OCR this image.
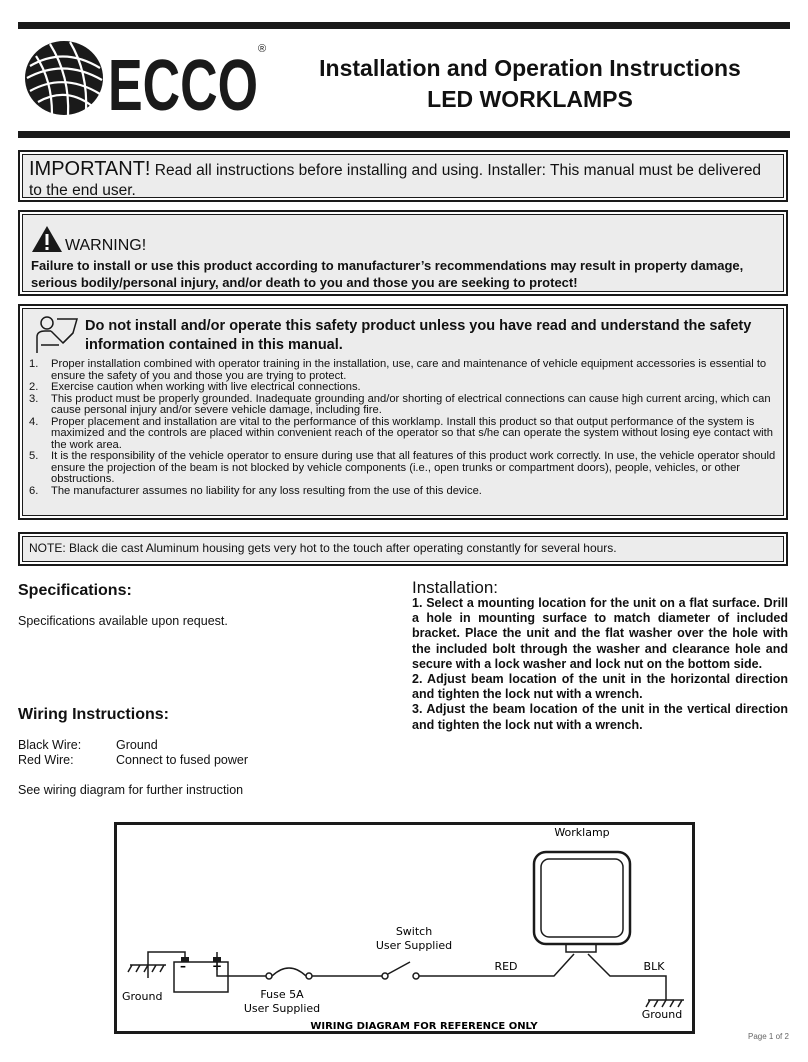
ECCO ®
Installation and Operation Instructions
LED WORKLAMPS
IMPORTANT! Read all instructions before installing and using. Installer: This manual must be delivered to the end user.
WARNING!
Failure to install or use this product according to manufacturer’s recommendations may result in property damage, serious bodily/personal injury, and/or death to you and those you are seeking to protect!
Do not install and/or operate this safety product unless you have read and understand the safety information contained in this manual.
1. Proper installation combined with operator training in the installation, use, care and maintenance of vehicle equipment accessories is essential to ensure the safety of you and those you are trying to protect.
2. Exercise caution when working with live electrical connections.
3. This product must be properly grounded. Inadequate grounding and/or shorting of electrical connections can cause high current arcing, which can cause personal injury and/or severe vehicle damage, including fire.
4. Proper placement and installation are vital to the performance of this worklamp. Install this product so that output performance of the system is maximized and the controls are placed within convenient reach of the operator so that s/he can operate the system without losing eye contact with the work area.
5. It is the responsibility of the vehicle operator to ensure during use that all features of this product work correctly. In use, the vehicle operator should ensure the projection of the beam is not blocked by vehicle components (i.e., open trunks or compartment doors), people, vehicles, or other obstructions.
6. The manufacturer assumes no liability for any loss resulting from the use of this device.
NOTE: Black die cast Aluminum housing gets very hot to the touch after operating constantly for several hours.
Specifications:
Specifications available upon request.
Wiring Instructions:
Black Wire:	Ground
Red Wire:	Connect to fused power
See wiring diagram for further instruction
Installation:
1. Select a mounting location for the unit on a flat surface. Drill a hole in mounting surface to match diameter of included bracket. Place the unit and the flat washer over the hole with the included bolt through the washer and clearance hole and secure with a lock washer and lock nut on the bottom side.
2. Adjust beam location of the unit in the horizontal direction and tighten the lock nut with a wrench.
3. Adjust the beam location of the unit in the vertical direction and tighten the lock nut with a wrench.
Worklamp
Ground
– +
Fuse 5A
User Supplied
Switch
User Supplied
RED	BLK
Ground
WIRING DIAGRAM FOR REFERENCE ONLY
Page 1 of 2
